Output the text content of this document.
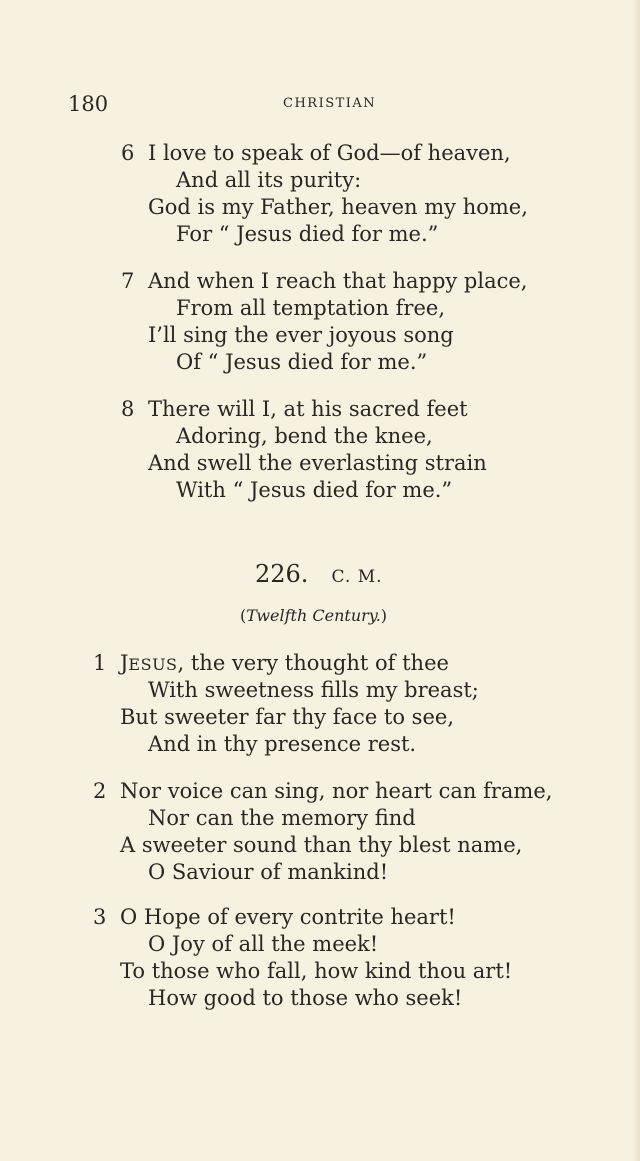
180	CHRISTIAN
6 I love to speak of God—of heaven,
And all its purity:
God is my Father, heaven my home,
For “ Jesus died for me.”
7 And when I reach that happy place,
From all temptation free,
I’ll sing the ever joyous song
Of “ Jesus died for me.”
8 There will I, at his sacred feet
Adoring, bend the knee,
And swell the everlasting strain
With “ Jesus died for me.”
226. C. M.
(Twelfth Century.)
1 JESUS, the very thought of thee
With sweetness fills my breast;
But sweeter far thy face to see,
And in thy presence rest.
2 Nor voice can sing, nor heart can frame,
Nor can the memory find
A sweeter sound than thy blest name,
O Saviour of mankind!
3 O Hope of every contrite heart!
O Joy of all the meek!
To those who fall, how kind thou art!
How good to those who seek!
